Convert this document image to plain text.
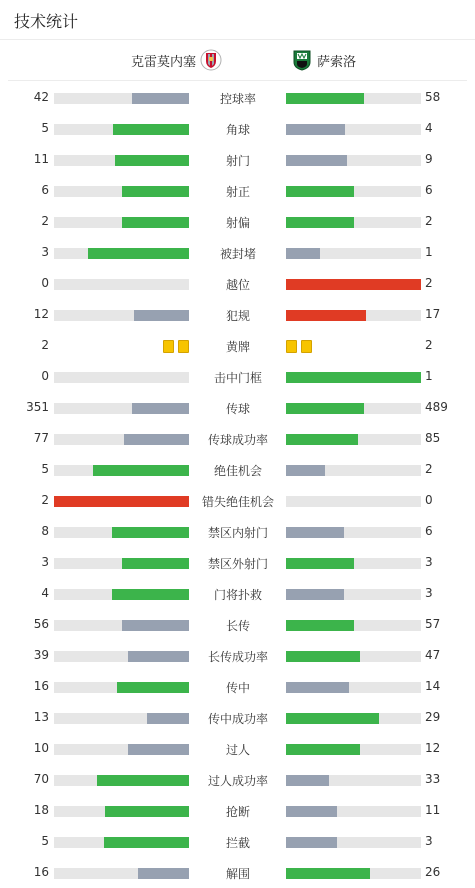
技术统计
克雷莫内塞	萨索洛
42	控球率	58
5	角球	4
11	射门	9
6	射正	6
2	射偏	2
3	被封堵	1
0	越位	2
12	犯规	17
2	黄牌	2
0	击中门框	1
351	传球	489
77	传球成功率	85
5	绝佳机会	2
2	错失绝佳机会	0
8	禁区内射门	6
3	禁区外射门	3
4	门将扑救	3
56	长传	57
39	长传成功率	47
16	传中	14
13	传中成功率	29
10	过人	12
70	过人成功率	33
18	抢断	11
5	拦截	3
16	解围	26
